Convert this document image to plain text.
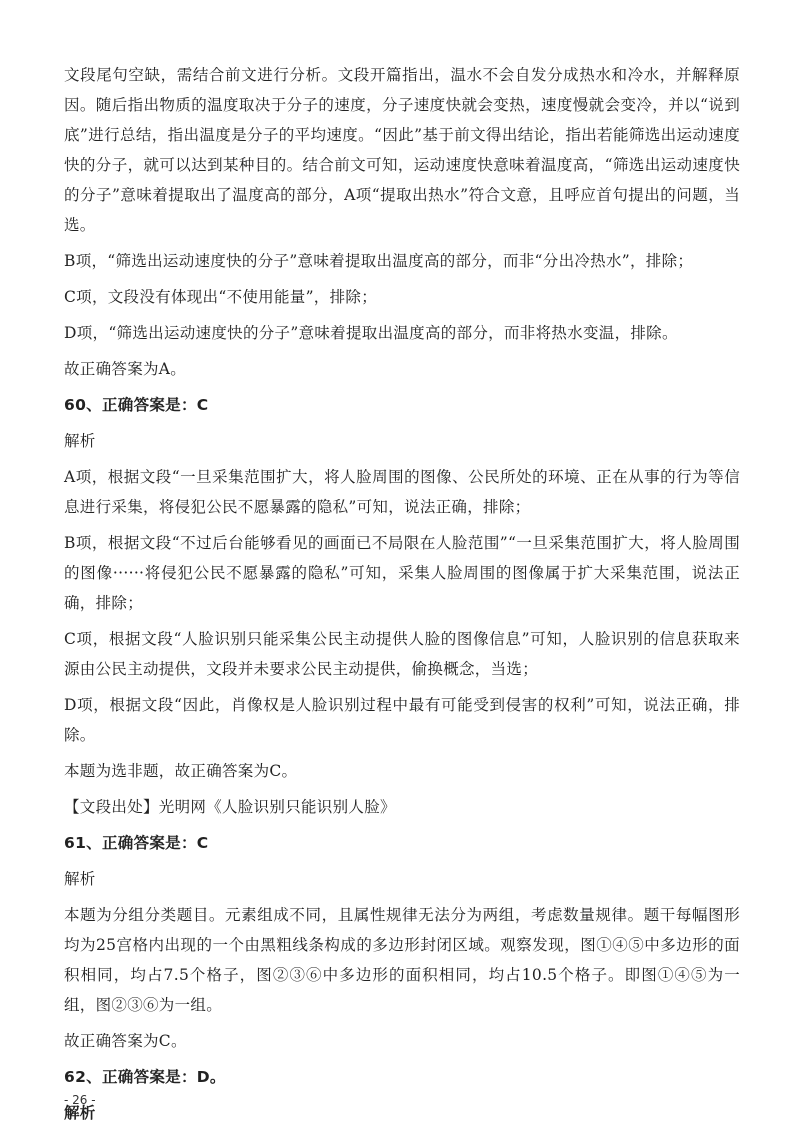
文段尾句空缺，需结合前文进行分析。文段开篇指出，温水不会自发分成热水和冷水，并解释原因。随后指出物质的温度取决于分子的速度，分子速度快就会变热，速度慢就会变冷，并以“说到底”进行总结，指出温度是分子的平均速度。“因此”基于前文得出结论，指出若能筛选出运动速度快的分子，就可以达到某种目的。结合前文可知，运动速度快意味着温度高，“筛选出运动速度快的分子”意味着提取出了温度高的部分，A项“提取出热水”符合文意，且呼应首句提出的问题，当选。

B项，“筛选出运动速度快的分子”意味着提取出温度高的部分，而非“分出冷热水”，排除；

C项，文段没有体现出“不使用能量”，排除；

D项，“筛选出运动速度快的分子”意味着提取出温度高的部分，而非将热水变温，排除。

故正确答案为A。

60、正确答案是：C

解析

A项，根据文段“一旦采集范围扩大，将人脸周围的图像、公民所处的环境、正在从事的行为等信息进行采集，将侵犯公民不愿暴露的隐私”可知，说法正确，排除；

B项，根据文段“不过后台能够看见的画面已不局限在人脸范围”“一旦采集范围扩大，将人脸周围的图像······将侵犯公民不愿暴露的隐私”可知，采集人脸周围的图像属于扩大采集范围，说法正确，排除；

C项，根据文段“人脸识别只能采集公民主动提供人脸的图像信息”可知，人脸识别的信息获取来源由公民主动提供，文段并未要求公民主动提供，偷换概念，当选；

D项，根据文段“因此，肖像权是人脸识别过程中最有可能受到侵害的权利”可知，说法正确，排除。

本题为选非题，故正确答案为C。

【文段出处】光明网《人脸识别只能识别人脸》

61、正确答案是：C

解析

本题为分组分类题目。元素组成不同，且属性规律无法分为两组，考虑数量规律。题干每幅图形均为25宫格内出现的一个由黑粗线条构成的多边形封闭区域。观察发现，图①④⑤中多边形的面积相同，均占7.5个格子，图②③⑥中多边形的面积相同，均占10.5个格子。即图①④⑤为一组，图②③⑥为一组。

故正确答案为C。

62、正确答案是：D。

解析

- 26 -
